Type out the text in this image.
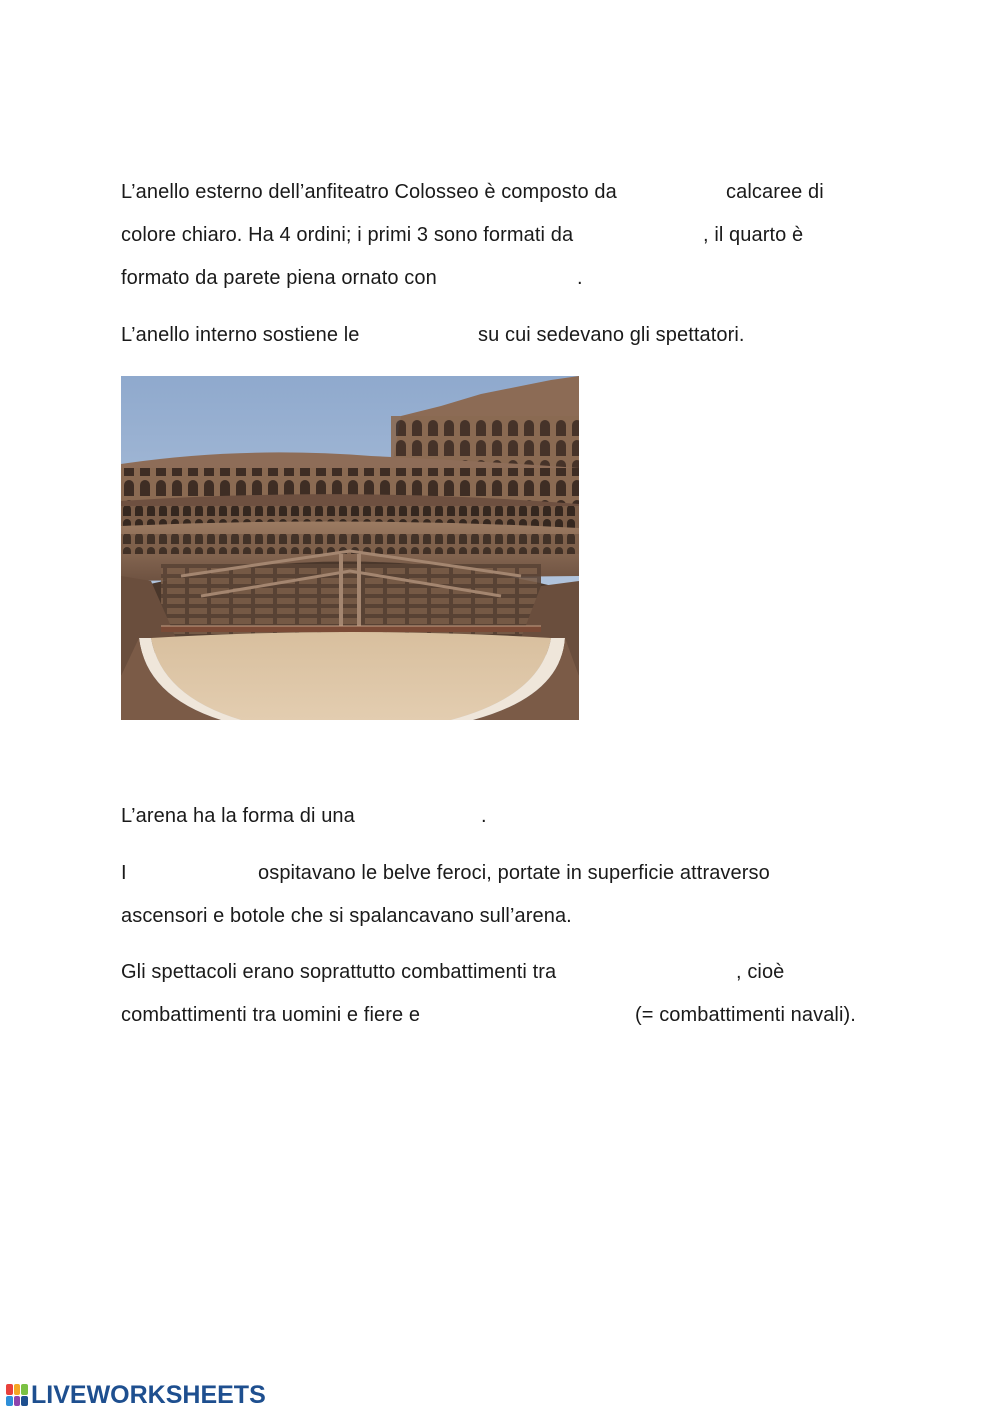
L’anello esterno dell’anfiteatro Colosseo è composto da	calcaree di
colore chiaro. Ha 4 ordini; i primi 3 sono formati da	, il quarto è
formato da parete piena ornato con	.
L’anello interno sostiene le	su cui sedevano gli spettatori.
L’arena ha la forma di una	.
I	ospitavano le belve feroci, portate in superficie attraverso
ascensori e botole che si spalancavano sull’arena.
Gli spettacoli erano soprattutto combattimenti tra	, cioè
combattimenti tra uomini e fiere e	(= combattimenti navali).
LIVEWORKSHEETS
